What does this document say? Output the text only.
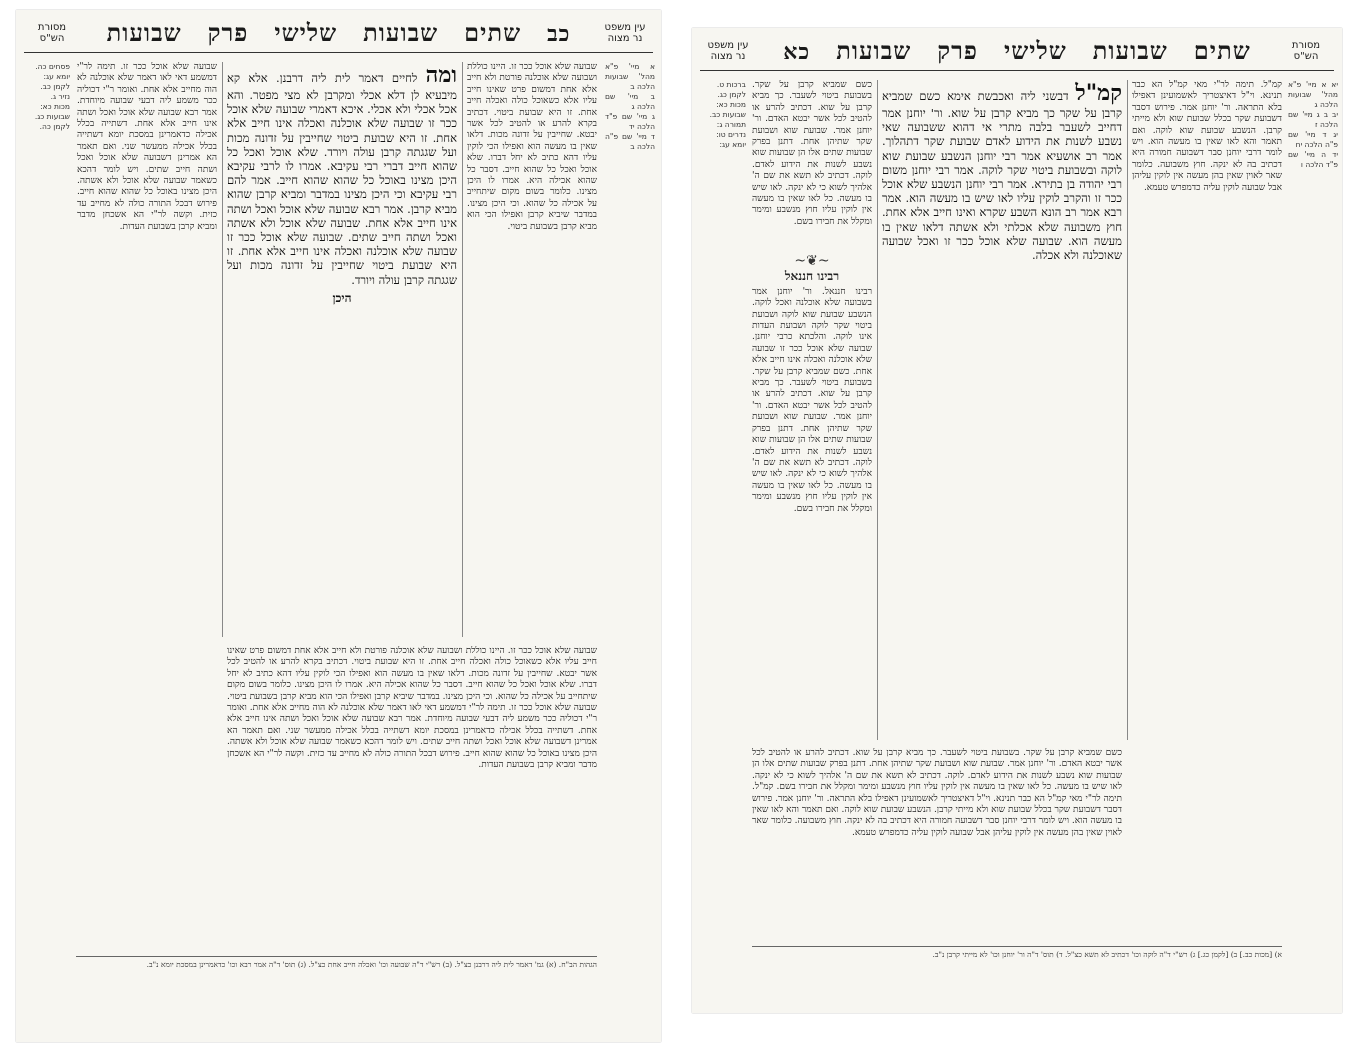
עין משפט
נר מצוה
כב
שתים
שבועות
שלישי
פרק
שבועות
מסורת
הש"ס
א מיי' פ"א מהל' שבועות הלכה ב
ב מיי' שם הלכה ג
ג מיי' שם פ"ד הלכה יד
ד מיי' שם פ"ה הלכה ב
שבועה שלא אוכל ככר זו. היינו כוללת ושבועה שלא אוכלנה פורטת ולא חייב אלא אחת דמשום פרט שאינו חייב עליו אלא כשאוכל כולה ואכלה חייב אחת. זו היא שבועת ביטוי. דכתיב בקרא להרע או להטיב לכל אשר יבטא. שחייבין על זדונה מכות. דלאו שאין בו מעשה הוא ואפילו הכי לוקין עליו דהא כתיב לא יחל דברו. שלא אוכל ואכל כל שהוא חייב. דסבר כל שהוא אכילה היא. אמרו לו היכן מצינו. כלומר בשום מקום שיתחייב על אכילה כל שהוא. וכי היכן מצינו. במדבר שיביא קרבן ואפילו הכי הוא מביא קרבן בשבועת ביטוי.
ומה לחיים דאמר לית ליה דרבנן. אלא קא מיבעיא לן דלא אכלי ומקרבן לא מצי מפטר. והא אכל אכלי ולא אכלי. איכא דאמרי שבועה שלא אוכל ככר זו שבועה שלא אוכלנה ואכלה אינו חייב אלא אחת. זו היא שבועת ביטוי שחייבין על זדונה מכות ועל שגגתה קרבן עולה ויורד. שלא אוכל ואכל כל שהוא חייב דברי רבי עקיבא. אמרו לו לרבי עקיבא היכן מצינו באוכל כל שהוא שהוא חייב. אמר להם רבי עקיבא וכי היכן מצינו במדבר ומביא קרבן שהוא מביא קרבן. אמר רבא שבועה שלא אוכל ואכל ושתה אינו חייב אלא אחת. שבועה שלא אוכל ולא אשתה ואכל ושתה חייב שתים. שבועה שלא אוכל ככר זו שבועה שלא אוכלנה ואכלה אינו חייב אלא אחת. זו היא שבועת ביטוי שחייבין על זדונה מכות ועל שגגתה קרבן עולה ויורד.
היכן
שבועה שלא אוכל ככר זו. תימה לר"י דמשמע דאי לאו דאמר שלא אוכלנה לא הוה מחייב אלא אחת. ואומר ר"י דכוליה ככר משמע ליה דבעי שבועה מיוחדת. אמר רבא שבועה שלא אוכל ואכל ושתה אינו חייב אלא אחת. דשתייה בכלל אכילה כדאמרינן במסכת יומא דשתייה בכלל אכילה ממעשר שני. ואם תאמר הא אמרינן דשבועה שלא אוכל ואכל ושתה חייב שתים. ויש לומר דהכא כשאמר שבועה שלא אוכל ולא אשתה. היכן מצינו באוכל כל שהוא שהוא חייב. פירוש דבכל התורה כולה לא מחייב עד כזית. וקשה לר"י הא אשכחן מדבר ומביא קרבן בשבועת העדות.
פסחים כה.
יומא עג:
לקמן כב.
נזיר ג.
מכות כא:
שבועות כג.
לקמן כה.
שבועה שלא אוכל ככר זו. היינו כוללת ושבועה שלא אוכלנה פורטת ולא חייב אלא אחת דמשום פרט שאינו חייב עליו אלא כשאוכל כולה ואכלה חייב אחת. זו היא שבועת ביטוי. דכתיב בקרא להרע או להטיב לכל אשר יבטא. שחייבין על זדונה מכות. דלאו שאין בו מעשה הוא ואפילו הכי לוקין עליו דהא כתיב לא יחל דברו. שלא אוכל ואכל כל שהוא חייב. דסבר כל שהוא אכילה היא. אמרו לו היכן מצינו. כלומר בשום מקום שיתחייב על אכילה כל שהוא. וכי היכן מצינו. במדבר שיביא קרבן ואפילו הכי הוא מביא קרבן בשבועת ביטוי. שבועה שלא אוכל ככר זו. תימה לר"י דמשמע דאי לאו דאמר שלא אוכלנה לא הוה מחייב אלא אחת. ואומר ר"י דכוליה ככר משמע ליה דבעי שבועה מיוחדת. אמר רבא שבועה שלא אוכל ואכל ושתה אינו חייב אלא אחת. דשתייה בכלל אכילה כדאמרינן במסכת יומא דשתייה בכלל אכילה ממעשר שני. ואם תאמר הא אמרינן דשבועה שלא אוכל ואכל ושתה חייב שתים. ויש לומר דהכא כשאמר שבועה שלא אוכל ולא אשתה. היכן מצינו באוכל כל שהוא שהוא חייב. פירוש דבכל התורה כולה לא מחייב עד כזית. וקשה לר"י הא אשכחן מדבר ומביא קרבן בשבועת העדות.
הגהות הב"ח. (א) גמ' דאמר לית ליה דרבנן כצ"ל. (ב) רש"י ד"ה שבועה וכו' ואכלה חייב אחת כצ"ל. (ג) תוס' ד"ה אמר רבא וכו' כדאמרינן במסכת יומא נ"ב.
מסורת
הש"ס
שתים
שבועות
שלישי
פרק
שבועות
כא
עין משפט
נר מצוה
יא א מיי' פ"א מהל' שבועות הלכה ג
יב ב ג מיי' שם הלכה ז
יג ד מיי' שם פ"ה הלכה יח
יד ה מיי' שם פ"ד הלכה ו
קמ"ל. תימה לר"י מאי קמ"ל הא כבר תנינא. וי"ל דאיצטריך לאשמועינן דאפילו בלא התראה. ור' יוחנן אמר. פירוש דסבר דשבועת שקר בכלל שבועת שוא ולא מייתי קרבן. הנשבע שבועת שוא לוקה. ואם תאמר והא לאו שאין בו מעשה הוא. ויש לומר דרבי יוחנן סבר דשבועה חמורה היא דכתיב בה לא ינקה. חוץ משבועה. כלומר שאר לאוין שאין בהן מעשה אין לוקין עליהן אבל שבועה לוקין עליה כדמפרש טעמא.
קמ"ל דבשני ליה ואכבשת אימא כשם שמביא קרבן על שקר כך מביא קרבן על שוא. ור' יוחנן אמר דחייב לשעבר בלבה מתרי אי דהוא ששבועה שאי נשבע לשנות את הידוע לאדם שבועת שקר דתהלוך. אמר רב אושעיא אמר רבי יוחנן הנשבע שבועת שוא לוקה ובשבועת ביטוי שקר לוקה. אמר רבי יוחנן משום רבי יהודה בן בתירא. אמר רבי יוחנן הנשבע שלא אוכל ככר זו והקרב לוקין עליו לאו שיש בו מעשה הוא. אמר רבא אמר רב הונא השבע שקרא ואינו חייב אלא אחת. חוץ משבועה שלא אכלתי ולא אשתה דלאו שאין בו מעשה הוא. שבועה שלא אוכל ככר זו ואכל שבועה שאוכלנה ולא אכלה.
כשם שמביא קרבן על שקר. בשבועת ביטוי לשעבר. כך מביא קרבן על שוא. דכתיב להרע או להטיב לכל אשר יבטא האדם. ור' יוחנן אמר. שבועת שוא ושבועת שקר שתיהן אחת. דתנן בפרק שבועות שתים אלו הן שבועות שוא נשבע לשנות את הידוע לאדם. לוקה. דכתיב לא תשא את שם ה' אלהיך לשוא כי לא ינקה. לאו שיש בו מעשה. כל לאו שאין בו מעשה אין לוקין עליו חוץ מנשבע ומימר ומקלל את חבירו בשם.
~❦~
רבינו חננאל
רבינו חננאל. ור' יוחנן אמר בשבועה שלא אוכלנה ואכל לוקה. הנשבע שבועת שוא לוקה ושבועת ביטוי שקר לוקה ושבועת העדות אינו לוקה. והלכתא כרבי יוחנן. שבועה שלא אוכל ככר זו שבועה שלא אוכלנה ואכלה אינו חייב אלא אחת. כשם שמביא קרבן על שקר. בשבועת ביטוי לשעבר. כך מביא קרבן על שוא. דכתיב להרע או להטיב לכל אשר יבטא האדם. ור' יוחנן אמר. שבועת שוא ושבועת שקר שתיהן אחת. דתנן בפרק שבועות שתים אלו הן שבועות שוא נשבע לשנות את הידוע לאדם. לוקה. דכתיב לא תשא את שם ה' אלהיך לשוא כי לא ינקה. לאו שיש בו מעשה. כל לאו שאין בו מעשה אין לוקין עליו חוץ מנשבע ומימר ומקלל את חבירו בשם.
ברכות ט.
לקמן כג.
מכות כא:
שבועות כב.
תמורה ג:
נדרים טו:
יומא עג:
כשם שמביא קרבן על שקר. בשבועת ביטוי לשעבר. כך מביא קרבן על שוא. דכתיב להרע או להטיב לכל אשר יבטא האדם. ור' יוחנן אמר. שבועת שוא ושבועת שקר שתיהן אחת. דתנן בפרק שבועות שתים אלו הן שבועות שוא נשבע לשנות את הידוע לאדם. לוקה. דכתיב לא תשא את שם ה' אלהיך לשוא כי לא ינקה. לאו שיש בו מעשה. כל לאו שאין בו מעשה אין לוקין עליו חוץ מנשבע ומימר ומקלל את חבירו בשם. קמ"ל. תימה לר"י מאי קמ"ל הא כבר תנינא. וי"ל דאיצטריך לאשמועינן דאפילו בלא התראה. ור' יוחנן אמר. פירוש דסבר דשבועת שקר בכלל שבועת שוא ולא מייתי קרבן. הנשבע שבועת שוא לוקה. ואם תאמר והא לאו שאין בו מעשה הוא. ויש לומר דרבי יוחנן סבר דשבועה חמורה היא דכתיב בה לא ינקה. חוץ משבועה. כלומר שאר לאוין שאין בהן מעשה אין לוקין עליהן אבל שבועה לוקין עליה כדמפרש טעמא.
א) [מכות כב.] ב) [לקמן כג.] ג) רש"י ד"ה לוקה וכו' דכתיב לא תשא כצ"ל. ד) תוס' ד"ה ור' יוחנן וכו' לא מייתי קרבן נ"ב.
